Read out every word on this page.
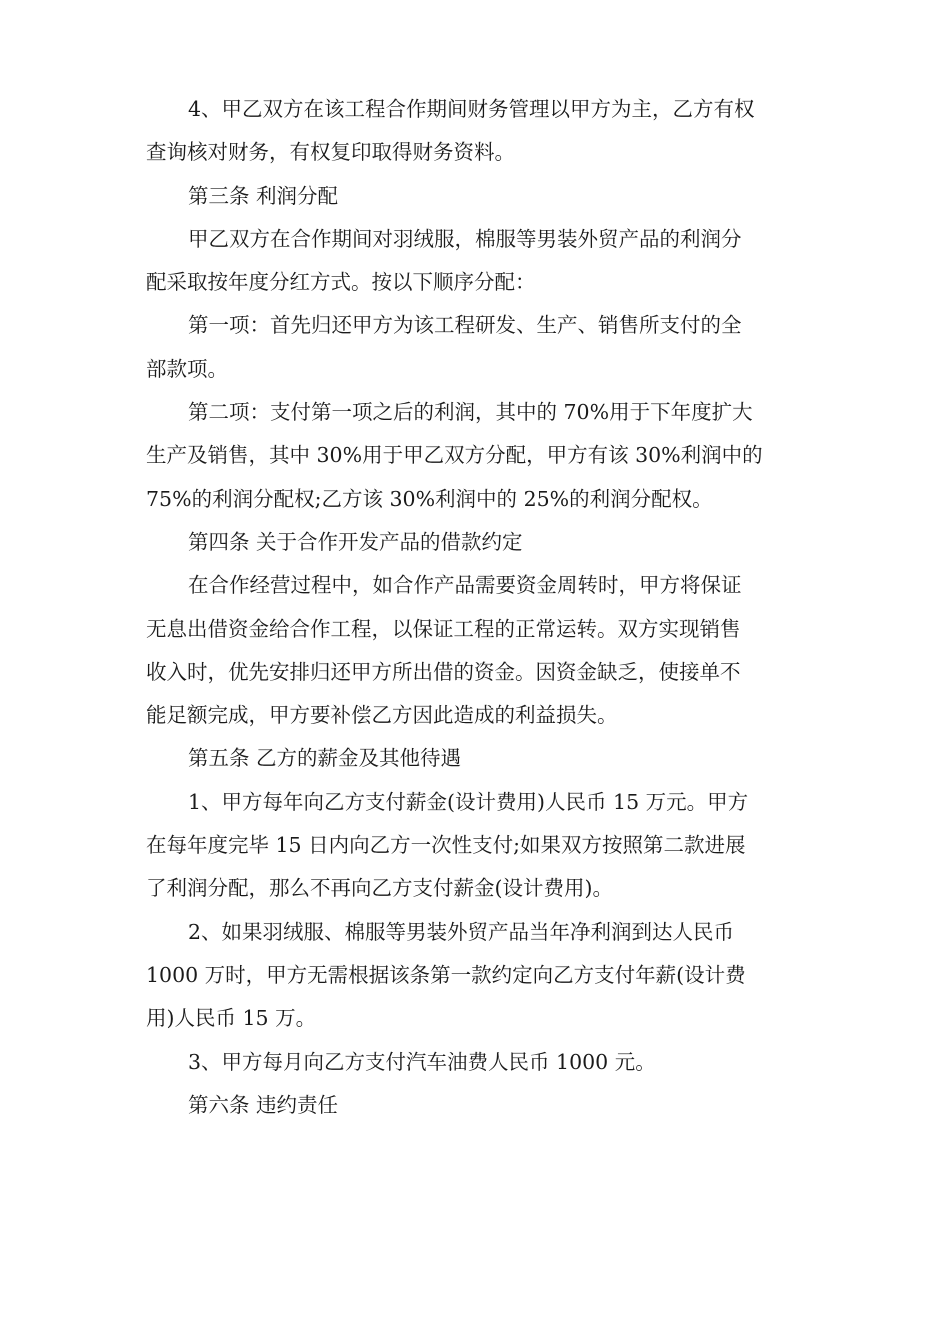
4、甲乙双方在该工程合作期间财务管理以甲方为主，乙方有权
查询核对财务，有权复印取得财务资料。
第三条 利润分配
甲乙双方在合作期间对羽绒服，棉服等男装外贸产品的利润分
配采取按年度分红方式。按以下顺序分配：
第一项：首先归还甲方为该工程研发、生产、销售所支付的全
部款项。
第二项：支付第一项之后的利润，其中的 70%用于下年度扩大
生产及销售，其中 30%用于甲乙双方分配，甲方有该 30%利润中的
75%的利润分配权;乙方该 30%利润中的 25%的利润分配权。
第四条 关于合作开发产品的借款约定
在合作经营过程中，如合作产品需要资金周转时，甲方将保证
无息出借资金给合作工程，以保证工程的正常运转。双方实现销售
收入时，优先安排归还甲方所出借的资金。因资金缺乏，使接单不
能足额完成，甲方要补偿乙方因此造成的利益损失。
第五条 乙方的薪金及其他待遇
1、甲方每年向乙方支付薪金(设计费用)人民币 15 万元。甲方
在每年度完毕 15 日内向乙方一次性支付;如果双方按照第二款进展
了利润分配，那么不再向乙方支付薪金(设计费用)。
2、如果羽绒服、棉服等男装外贸产品当年净利润到达人民币
1000 万时，甲方无需根据该条第一款约定向乙方支付年薪(设计费
用)人民币 15 万。
3、甲方每月向乙方支付汽车油费人民币 1000 元。
第六条 违约责任
